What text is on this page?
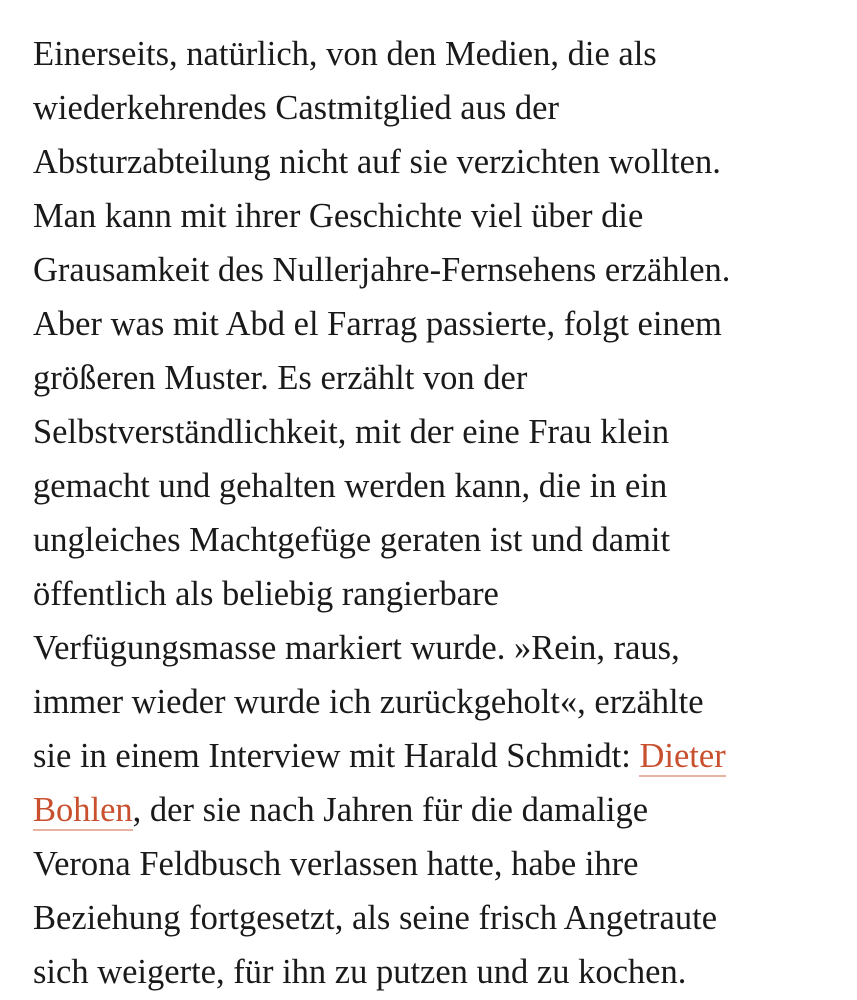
Einerseits, natürlich, von den Medien, die als
wiederkehrendes Castmitglied aus der
Absturzabteilung nicht auf sie verzichten wollten.
Man kann mit ihrer Geschichte viel über die
Grausamkeit des Nullerjahre-Fernsehens erzählen.
Aber was mit Abd el Farrag passierte, folgt einem
größeren Muster. Es erzählt von der
Selbstverständlichkeit, mit der eine Frau klein
gemacht und gehalten werden kann, die in ein
ungleiches Machtgefüge geraten ist und damit
öffentlich als beliebig rangierbare
Verfügungsmasse markiert wurde. »Rein, raus,
immer wieder wurde ich zurückgeholt«, erzählte
sie in einem Interview mit Harald Schmidt: Dieter
Bohlen, der sie nach Jahren für die damalige
Verona Feldbusch verlassen hatte, habe ihre
Beziehung fortgesetzt, als seine frisch Angetraute
sich weigerte, für ihn zu putzen und zu kochen.
